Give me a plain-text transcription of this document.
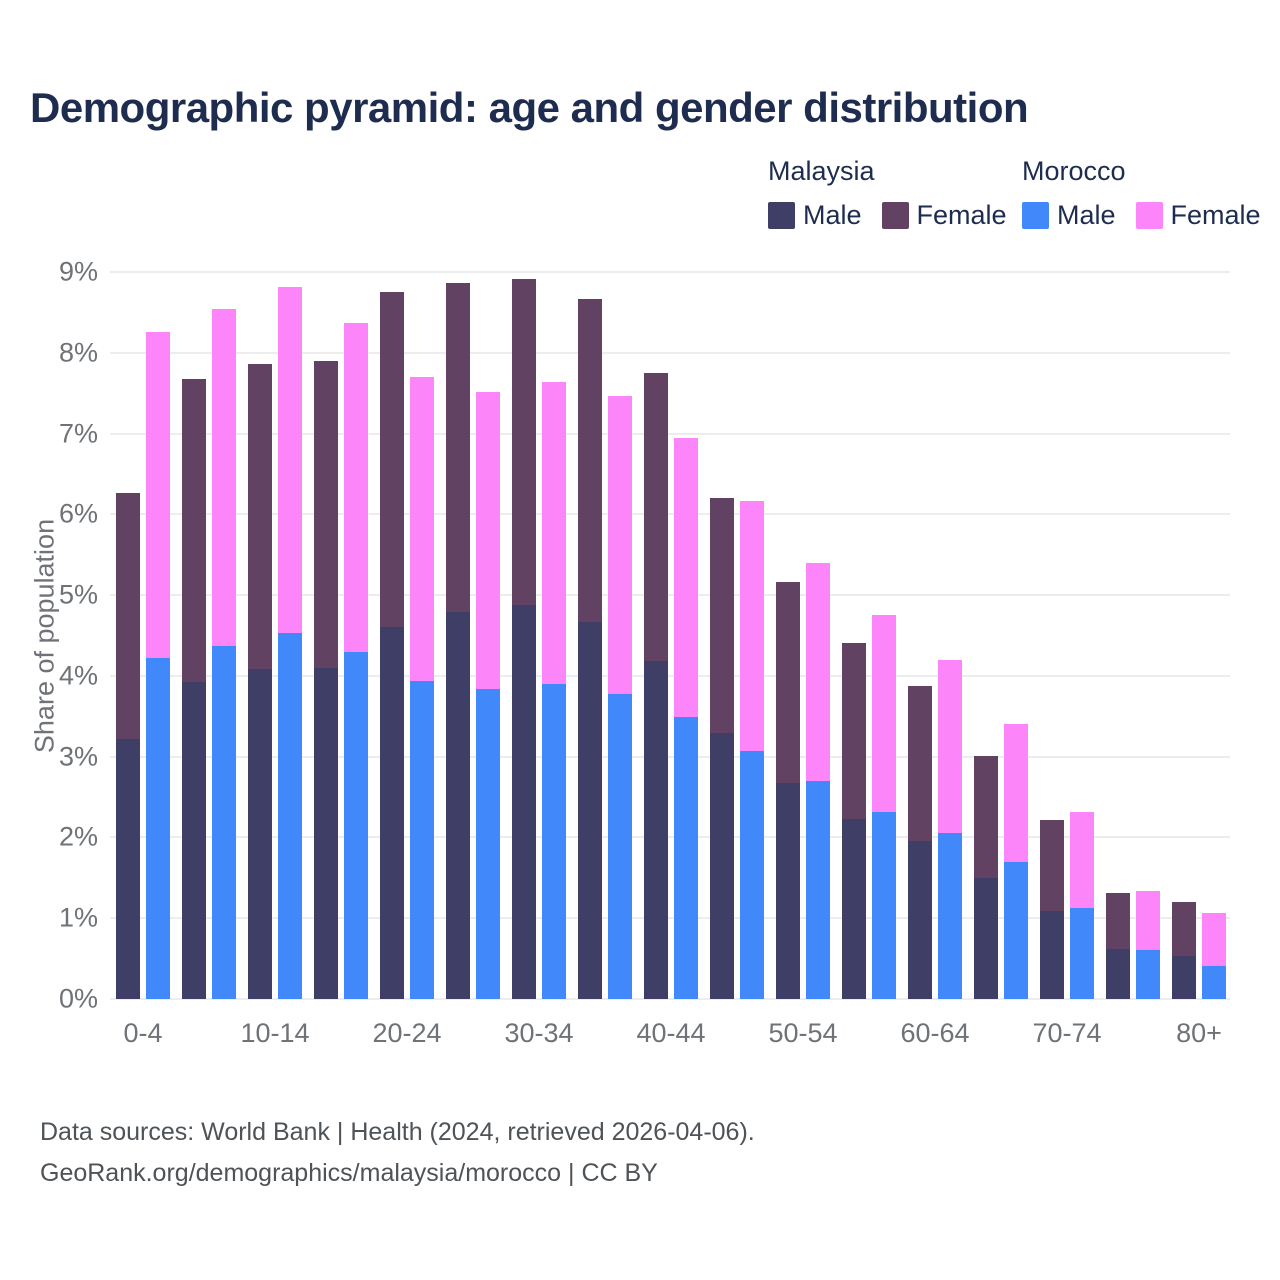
Demographic pyramid: age and gender distribution
Malaysia
Male Female
Morocco
Male Female
Share of population
0%
1%
2%
3%
4%
5%
6%
7%
8%
9%
0-4	10-14 20-24 30-34 40-44 50-54 60-64 70-74	80+
Data sources: World Bank | Health (2024, retrieved 2026-04-06).
GeoRank.org/demographics/malaysia/morocco | CC BY
